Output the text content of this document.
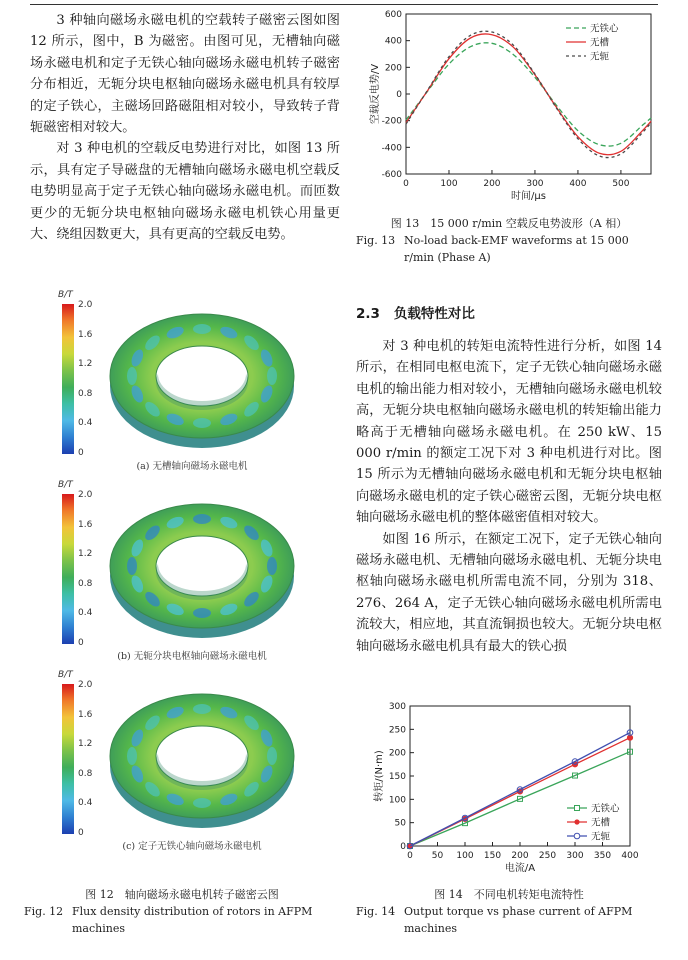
3 种轴向磁场永磁电机的空载转子磁密云图如图 12 所示，图中，B 为磁密。由图可见，无槽轴向磁场永磁电机和定子无铁心轴向磁场永磁电机转子磁密分布相近，无轭分块电枢轴向磁场永磁电机具有较厚的定子铁心，主磁场回路磁阻相对较小，导致转子背轭磁密相对较大。

对 3 种电机的空载反电势进行对比，如图 13 所示，具有定子导磁盘的无槽轴向磁场永磁电机空载反电势明显高于定子无铁心轴向磁场永磁电机。而匝数更少的无轭分块电枢轴向磁场永磁电机铁心用量更大、绕组因数更大，具有更高的空载反电势。

B/T
2.0
1.6
1.2
0.8
0.4
0
(a) 无槽轴向磁场永磁电机
B/T
2.0
1.6
1.2
0.8
0.4
0
(b) 无轭分块电枢轴向磁场永磁电机
B/T
2.0
1.6
1.2
0.8
0.4
0
(c) 定子无铁心轴向磁场永磁电机
图 12　轴向磁场永磁电机转子磁密云图
Fig. 12 Flux density distribution of rotors in AFPM machines
0	100	200	300	400	500
-600
-400
-200
0
200
400
600
时间/μs
空载反电势/V
无铁心
无槽
无轭
图 13　15 000 r/min 空载反电势波形（A 相）
Fig. 13 No-load back-EMF waveforms at 15 000 r/min (Phase A)
2.3 负载特性对比

对 3 种电机的转矩电流特性进行分析，如图 14 所示，在相同电枢电流下，定子无铁心轴向磁场永磁电机的输出能力相对较小，无槽轴向磁场永磁电机较高，无轭分块电枢轴向磁场永磁电机的转矩输出能力略高于无槽轴向磁场永磁电机。在 250 kW、15 000 r/min 的额定工况下对 3 种电机进行对比。图 15 所示为无槽轴向磁场永磁电机和无轭分块电枢轴向磁场永磁电机的定子铁心磁密云图，无轭分块电枢轴向磁场永磁电机的整体磁密值相对较大。

如图 16 所示，在额定工况下，定子无铁心轴向磁场永磁电机、无槽轴向磁场永磁电机、无轭分块电枢轴向磁场永磁电机所需电流不同，分别为 318、276、264 A，定子无铁心轴向磁场永磁电机所需电流较大，相应地，其直流铜损也较大。无轭分块电枢轴向磁场永磁电机具有最大的铁心损

0 50 100 150 200 250 300 350 400
0
50
100
150
200
250
300
电流/A
转矩/(N·m)
无铁心
无槽
无轭
图 14　不同电机转矩电流特性
Fig. 14 Output torque vs phase current of AFPM machines
